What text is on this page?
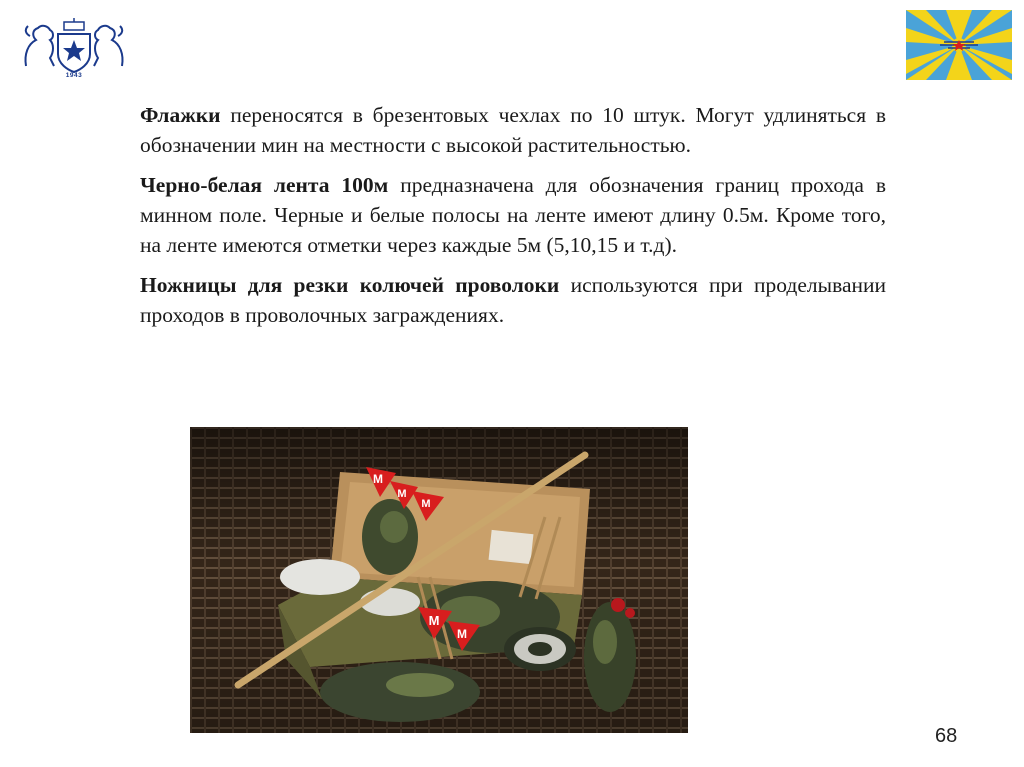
1943

Флажки переносятся в брезентовых чехлах по 10 штук. Могут удлиняться в обозначении мин на местности с высокой растительностью.

Черно-белая лента 100м предназначена для обозначения границ прохода в минном поле. Черные и белые полосы на ленте имеют длину 0.5м. Кроме того, на ленте имеются отметки через каждые 5м (5,10,15 и т.д).

Ножницы для резки колючей проволоки используются при проделывании проходов в проволочных заграждениях.

М
М
М
М
М
68
